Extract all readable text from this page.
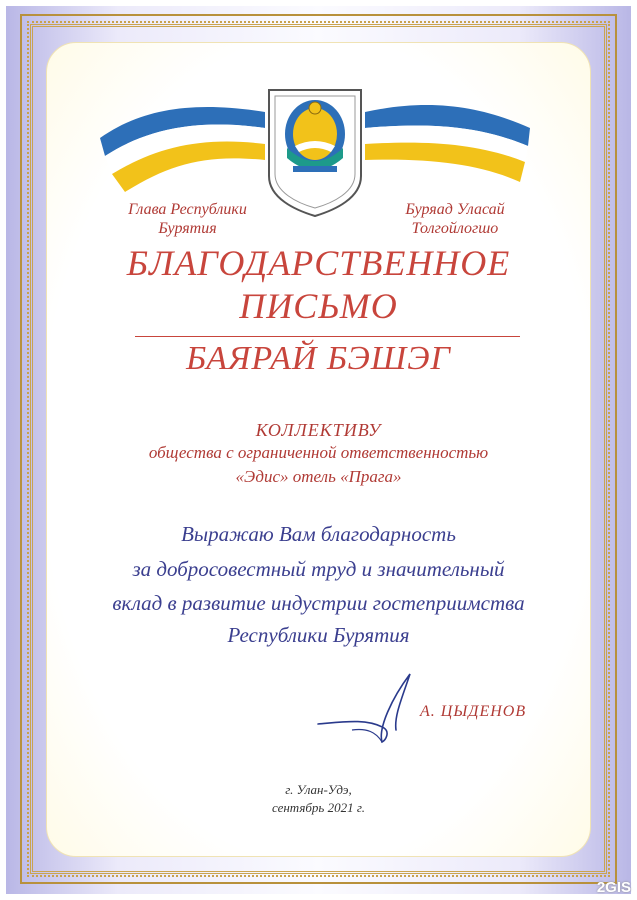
Глава Республики
Бурятия
Буряад Уласай
Толгойлогшо
БЛАГОДАРСТВЕННОЕ
ПИСЬМО
БАЯРАЙ БЭШЭГ
КОЛЛЕКТИВУ
общества с ограниченной ответственностью
«Эдис» отель «Прага»
Выражаю Вам благодарность
за добросовестный труд и значительный
вклад в развитие индустрии гостеприимства
Республики Бурятия
А. ЦЫДЕНОВ
г. Улан-Удэ,
сентябрь 2021 г.
2GIS
